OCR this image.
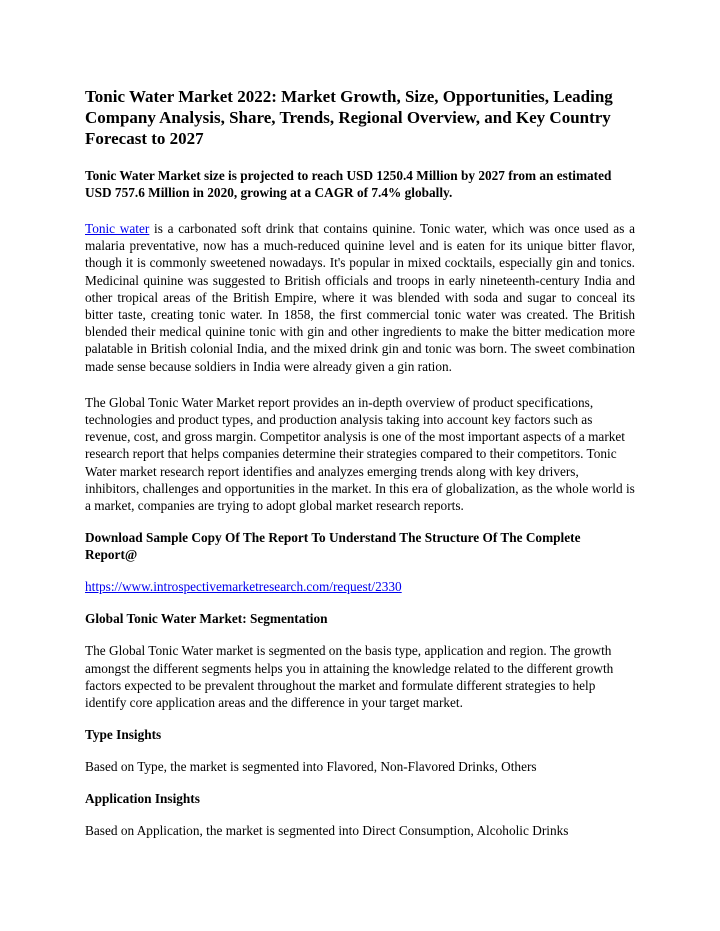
Tonic Water Market 2022: Market Growth, Size, Opportunities, Leading Company Analysis, Share, Trends, Regional Overview, and Key Country Forecast to 2027
Tonic Water Market size is projected to reach USD 1250.4 Million by 2027 from an estimated USD 757.6 Million in 2020, growing at a CAGR of 7.4% globally.

Tonic water is a carbonated soft drink that contains quinine. Tonic water, which was once used as a malaria preventative, now has a much-reduced quinine level and is eaten for its unique bitter flavor, though it is commonly sweetened nowadays. It's popular in mixed cocktails, especially gin and tonics. Medicinal quinine was suggested to British officials and troops in early nineteenth-century India and other tropical areas of the British Empire, where it was blended with soda and sugar to conceal its bitter taste, creating tonic water. In 1858, the first commercial tonic water was created. The British blended their medical quinine tonic with gin and other ingredients to make the bitter medication more palatable in British colonial India, and the mixed drink gin and tonic was born. The sweet combination made sense because soldiers in India were already given a gin ration.

The Global Tonic Water Market report provides an in-depth overview of product specifications, technologies and product types, and production analysis taking into account key factors such as revenue, cost, and gross margin. Competitor analysis is one of the most important aspects of a market research report that helps companies determine their strategies compared to their competitors. Tonic Water market research report identifies and analyzes emerging trends along with key drivers, inhibitors, challenges and opportunities in the market. In this era of globalization, as the whole world is a market, companies are trying to adopt global market research reports.

Download Sample Copy Of The Report To Understand The Structure Of The Complete Report@

https://www.introspectivemarketresearch.com/request/2330

Global Tonic Water Market: Segmentation

The Global Tonic Water market is segmented on the basis type, application and region. The growth amongst the different segments helps you in attaining the knowledge related to the different growth factors expected to be prevalent throughout the market and formulate different strategies to help identify core application areas and the difference in your target market.

Type Insights

Based on Type, the market is segmented into Flavored, Non-Flavored Drinks, Others

Application Insights

Based on Application, the market is segmented into Direct Consumption, Alcoholic Drinks
